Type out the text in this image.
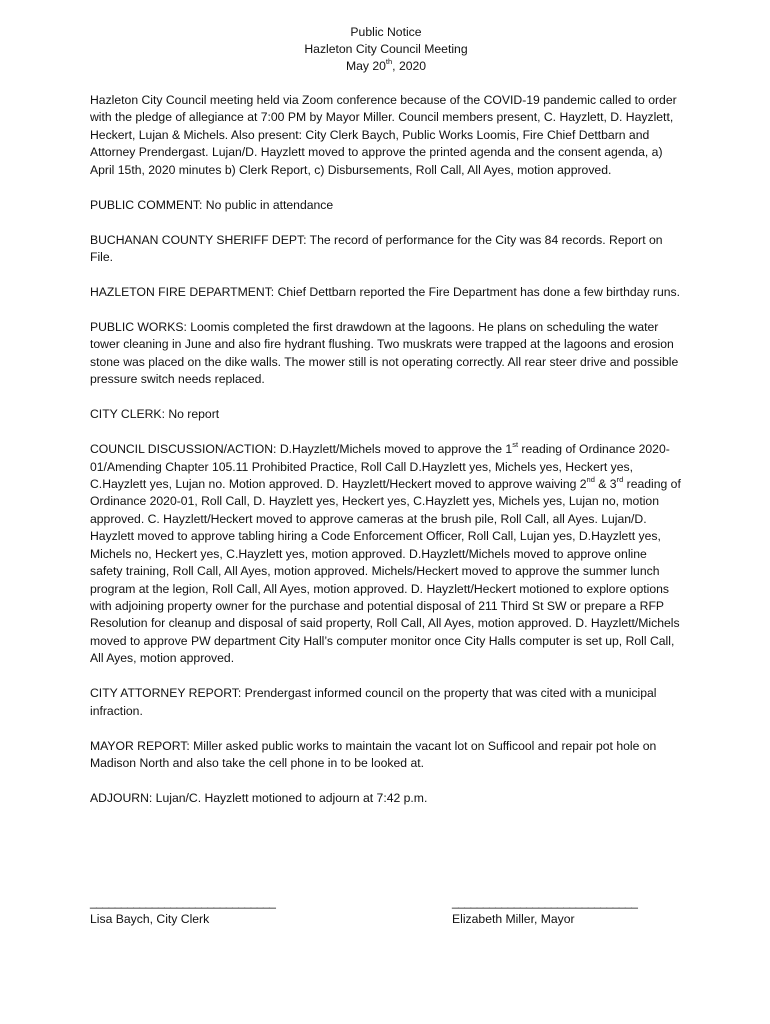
Public Notice
Hazleton City Council Meeting
May 20th, 2020

Hazleton City Council meeting held via Zoom conference because of the COVID-19 pandemic called to order with the pledge of allegiance at 7:00 PM by Mayor Miller. Council members present, C. Hayzlett, D. Hayzlett, Heckert, Lujan & Michels. Also present: City Clerk Baych, Public Works Loomis, Fire Chief Dettbarn and Attorney Prendergast. Lujan/D. Hayzlett moved to approve the printed agenda and the consent agenda, a) April 15th, 2020 minutes b) Clerk Report, c) Disbursements, Roll Call, All Ayes, motion approved.

PUBLIC COMMENT: No public in attendance

BUCHANAN COUNTY SHERIFF DEPT: The record of performance for the City was 84 records. Report on File.

HAZLETON FIRE DEPARTMENT: Chief Dettbarn reported the Fire Department has done a few birthday runs.

PUBLIC WORKS: Loomis completed the first drawdown at the lagoons. He plans on scheduling the water tower cleaning in June and also fire hydrant flushing. Two muskrats were trapped at the lagoons and erosion stone was placed on the dike walls. The mower still is not operating correctly. All rear steer drive and possible pressure switch needs replaced.

CITY CLERK: No report

COUNCIL DISCUSSION/ACTION: D.Hayzlett/Michels moved to approve the 1st reading of Ordinance 2020-01/Amending Chapter 105.11 Prohibited Practice, Roll Call D.Hayzlett yes, Michels yes, Heckert yes, C.Hayzlett yes, Lujan no. Motion approved. D. Hayzlett/Heckert moved to approve waiving 2nd & 3rd reading of Ordinance 2020-01, Roll Call, D. Hayzlett yes, Heckert yes, C.Hayzlett yes, Michels yes, Lujan no, motion approved. C. Hayzlett/Heckert moved to approve cameras at the brush pile, Roll Call, all Ayes. Lujan/D. Hayzlett moved to approve tabling hiring a Code Enforcement Officer, Roll Call, Lujan yes, D.Hayzlett yes, Michels no, Heckert yes, C.Hayzlett yes, motion approved. D.Hayzlett/Michels moved to approve online safety training, Roll Call, All Ayes, motion approved. Michels/Heckert moved to approve the summer lunch program at the legion, Roll Call, All Ayes, motion approved. D. Hayzlett/Heckert motioned to explore options with adjoining property owner for the purchase and potential disposal of 211 Third St SW or prepare a RFP Resolution for cleanup and disposal of said property, Roll Call, All Ayes, motion approved. D. Hayzlett/Michels moved to approve PW department City Hall’s computer monitor once City Halls computer is set up, Roll Call, All Ayes, motion approved.

CITY ATTORNEY REPORT: Prendergast informed council on the property that was cited with a municipal infraction.

MAYOR REPORT: Miller asked public works to maintain the vacant lot on Sufficool and repair pot hole on Madison North and also take the cell phone in to be looked at.

ADJOURN: Lujan/C. Hayzlett motioned to adjourn at 7:42 p.m.

______________________________
Lisa Baych, City Clerk
______________________________
Elizabeth Miller, Mayor
